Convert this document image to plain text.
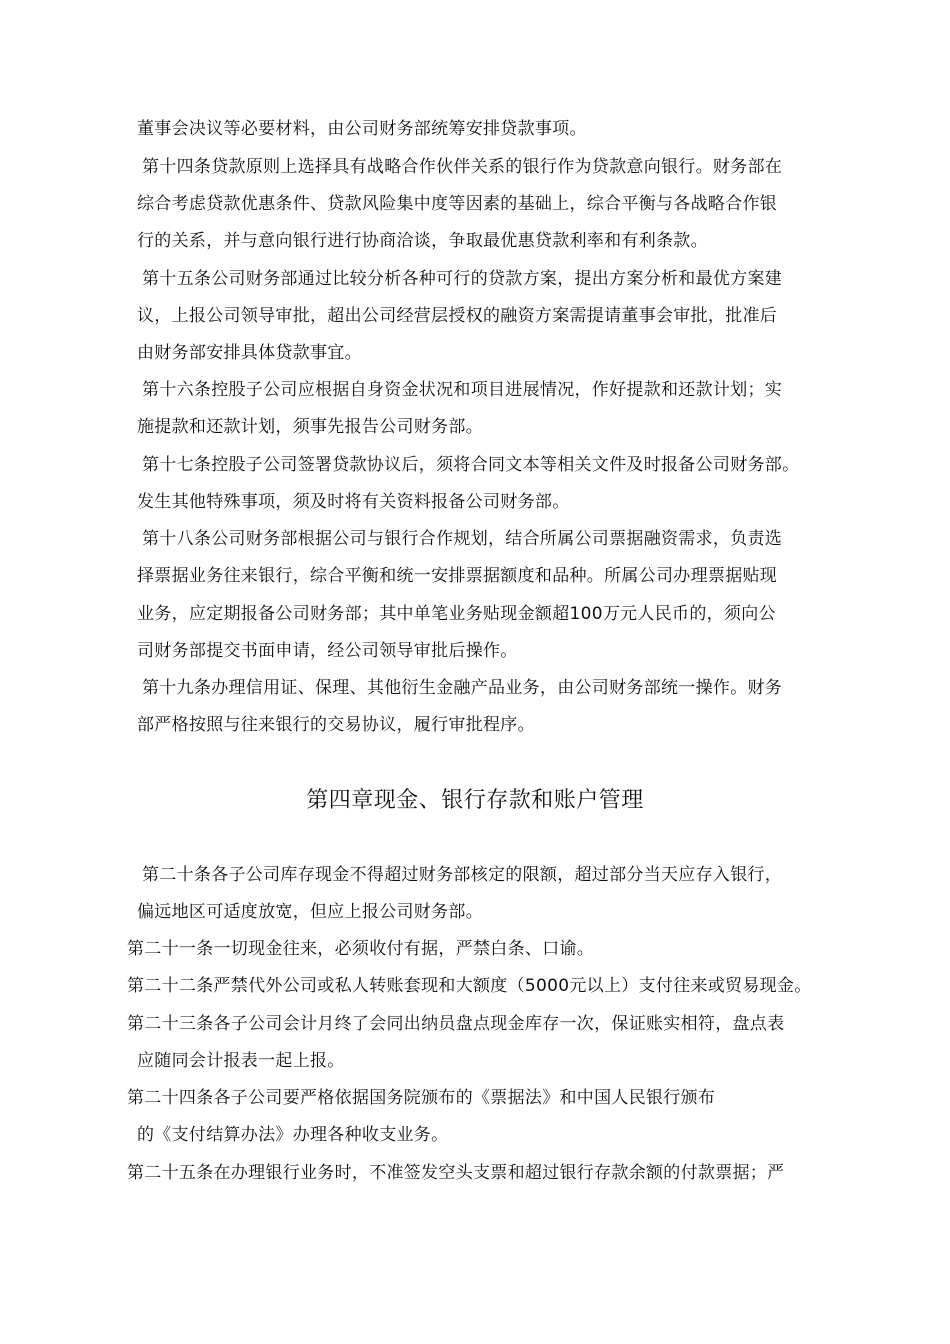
董事会决议等必要材料，由公司财务部统筹安排贷款事项。
第十四条贷款原则上选择具有战略合作伙伴关系的银行作为贷款意向银行。财务部在
综合考虑贷款优惠条件、贷款风险集中度等因素的基础上，综合平衡与各战略合作银
行的关系，并与意向银行进行协商洽谈，争取最优惠贷款利率和有利条款。
第十五条公司财务部通过比较分析各种可行的贷款方案，提出方案分析和最优方案建
议，上报公司领导审批，超出公司经营层授权的融资方案需提请董事会审批，批准后
由财务部安排具体贷款事宜。
第十六条控股子公司应根据自身资金状况和项目进展情况，作好提款和还款计划；实
施提款和还款计划，须事先报告公司财务部。
第十七条控股子公司签署贷款协议后，须将合同文本等相关文件及时报备公司财务部。
发生其他特殊事项，须及时将有关资料报备公司财务部。
第十八条公司财务部根据公司与银行合作规划，结合所属公司票据融资需求，负责选
择票据业务往来银行，综合平衡和统一安排票据额度和品种。所属公司办理票据贴现
业务，应定期报备公司财务部；其中单笔业务贴现金额超100万元人民币的，须向公
司财务部提交书面申请，经公司领导审批后操作。
第十九条办理信用证、保理、其他衍生金融产品业务，由公司财务部统一操作。财务
部严格按照与往来银行的交易协议，履行审批程序。
第四章现金、银行存款和账户管理
第二十条各子公司库存现金不得超过财务部核定的限额，超过部分当天应存入银行，
偏远地区可适度放宽，但应上报公司财务部。
第二十一条一切现金往来，必须收付有据，严禁白条、口谕。
第二十二条严禁代外公司或私人转账套现和大额度（5000元以上）支付往来或贸易现金。
第二十三条各子公司会计月终了会同出纳员盘点现金库存一次，保证账实相符，盘点表
应随同会计报表一起上报。
第二十四条各子公司要严格依据国务院颁布的《票据法》和中国人民银行颁布
的《支付结算办法》办理各种收支业务。
第二十五条在办理银行业务时，不准签发空头支票和超过银行存款余额的付款票据；严
